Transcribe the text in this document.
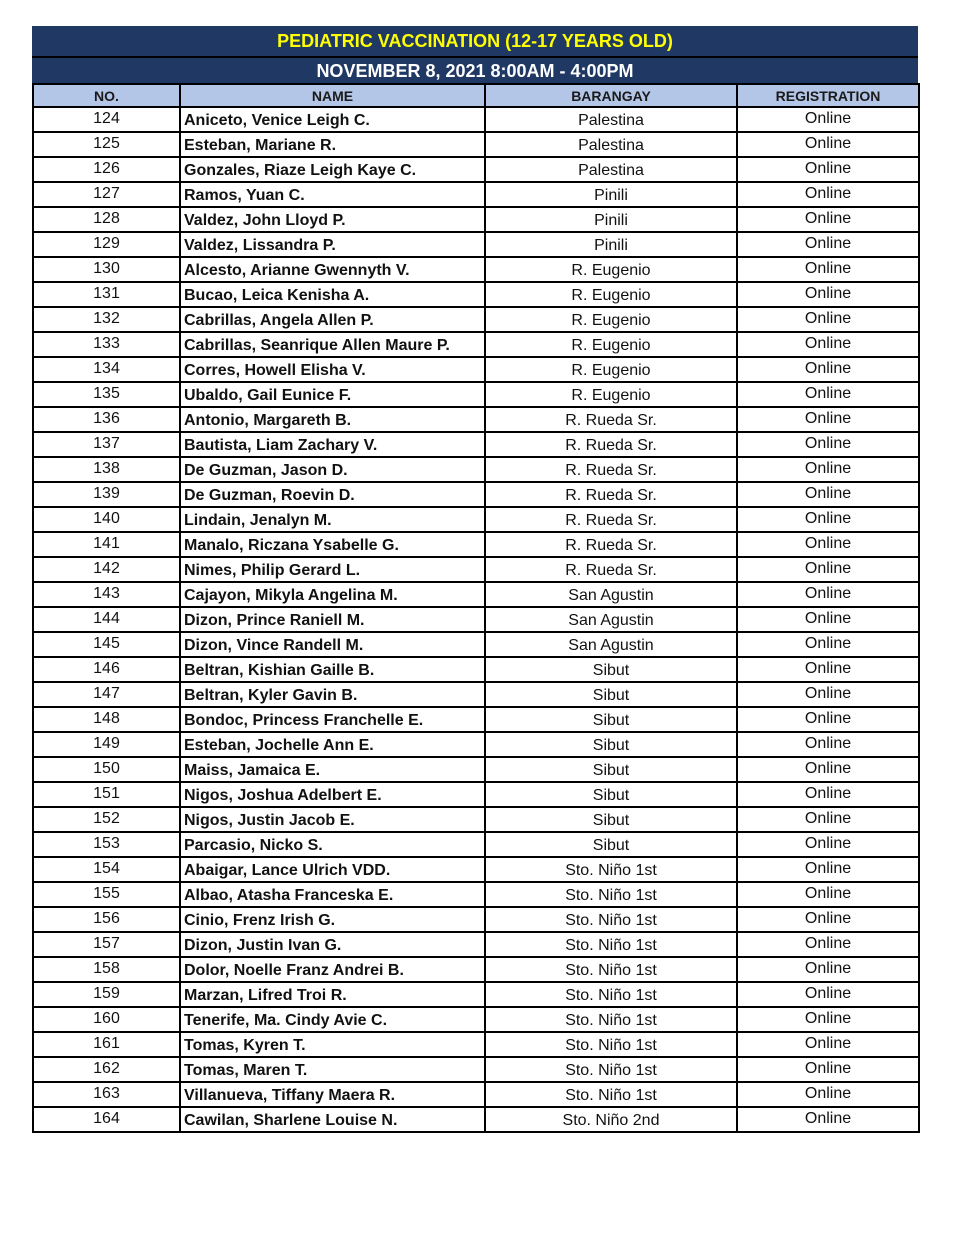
PEDIATRIC VACCINATION (12-17 YEARS OLD)
NOVEMBER 8, 2021 8:00AM - 4:00PM
NO.	NAME	BARANGAY	REGISTRATION
124	Aniceto, Venice Leigh C.	Palestina	Online
125	Esteban, Mariane R.	Palestina	Online
126	Gonzales, Riaze Leigh Kaye C.	Palestina	Online
127	Ramos, Yuan C.	Pinili	Online
128	Valdez, John Lloyd P.	Pinili	Online
129	Valdez, Lissandra P.	Pinili	Online
130	Alcesto, Arianne Gwennyth V.	R. Eugenio	Online
131	Bucao, Leica Kenisha A.	R. Eugenio	Online
132	Cabrillas, Angela Allen P.	R. Eugenio	Online
133	Cabrillas, Seanrique Allen Maure P.	R. Eugenio	Online
134	Corres, Howell Elisha V.	R. Eugenio	Online
135	Ubaldo, Gail Eunice F.	R. Eugenio	Online
136	Antonio, Margareth B.	R. Rueda Sr.	Online
137	Bautista, Liam Zachary V.	R. Rueda Sr.	Online
138	De Guzman, Jason D.	R. Rueda Sr.	Online
139	De Guzman, Roevin D.	R. Rueda Sr.	Online
140	Lindain, Jenalyn M.	R. Rueda Sr.	Online
141	Manalo, Riczana Ysabelle G.	R. Rueda Sr.	Online
142	Nimes, Philip Gerard L.	R. Rueda Sr.	Online
143	Cajayon, Mikyla Angelina M.	San Agustin	Online
144	Dizon, Prince Raniell M.	San Agustin	Online
145	Dizon, Vince Randell M.	San Agustin	Online
146	Beltran, Kishian Gaille B.	Sibut	Online
147	Beltran, Kyler Gavin B.	Sibut	Online
148	Bondoc, Princess Franchelle E.	Sibut	Online
149	Esteban, Jochelle Ann E.	Sibut	Online
150	Maiss, Jamaica E.	Sibut	Online
151	Nigos, Joshua Adelbert E.	Sibut	Online
152	Nigos, Justin Jacob E.	Sibut	Online
153	Parcasio, Nicko S.	Sibut	Online
154	Abaigar, Lance Ulrich VDD.	Sto. Niño 1st	Online
155	Albao, Atasha Franceska E.	Sto. Niño 1st	Online
156	Cinio, Frenz Irish G.	Sto. Niño 1st	Online
157	Dizon, Justin Ivan G.	Sto. Niño 1st	Online
158	Dolor, Noelle Franz Andrei B.	Sto. Niño 1st	Online
159	Marzan, Lifred Troi R.	Sto. Niño 1st	Online
160	Tenerife, Ma. Cindy Avie C.	Sto. Niño 1st	Online
161	Tomas, Kyren T.	Sto. Niño 1st	Online
162	Tomas, Maren T.	Sto. Niño 1st	Online
163	Villanueva, Tiffany Maera R.	Sto. Niño 1st	Online
164	Cawilan, Sharlene Louise N.	Sto. Niño 2nd	Online
